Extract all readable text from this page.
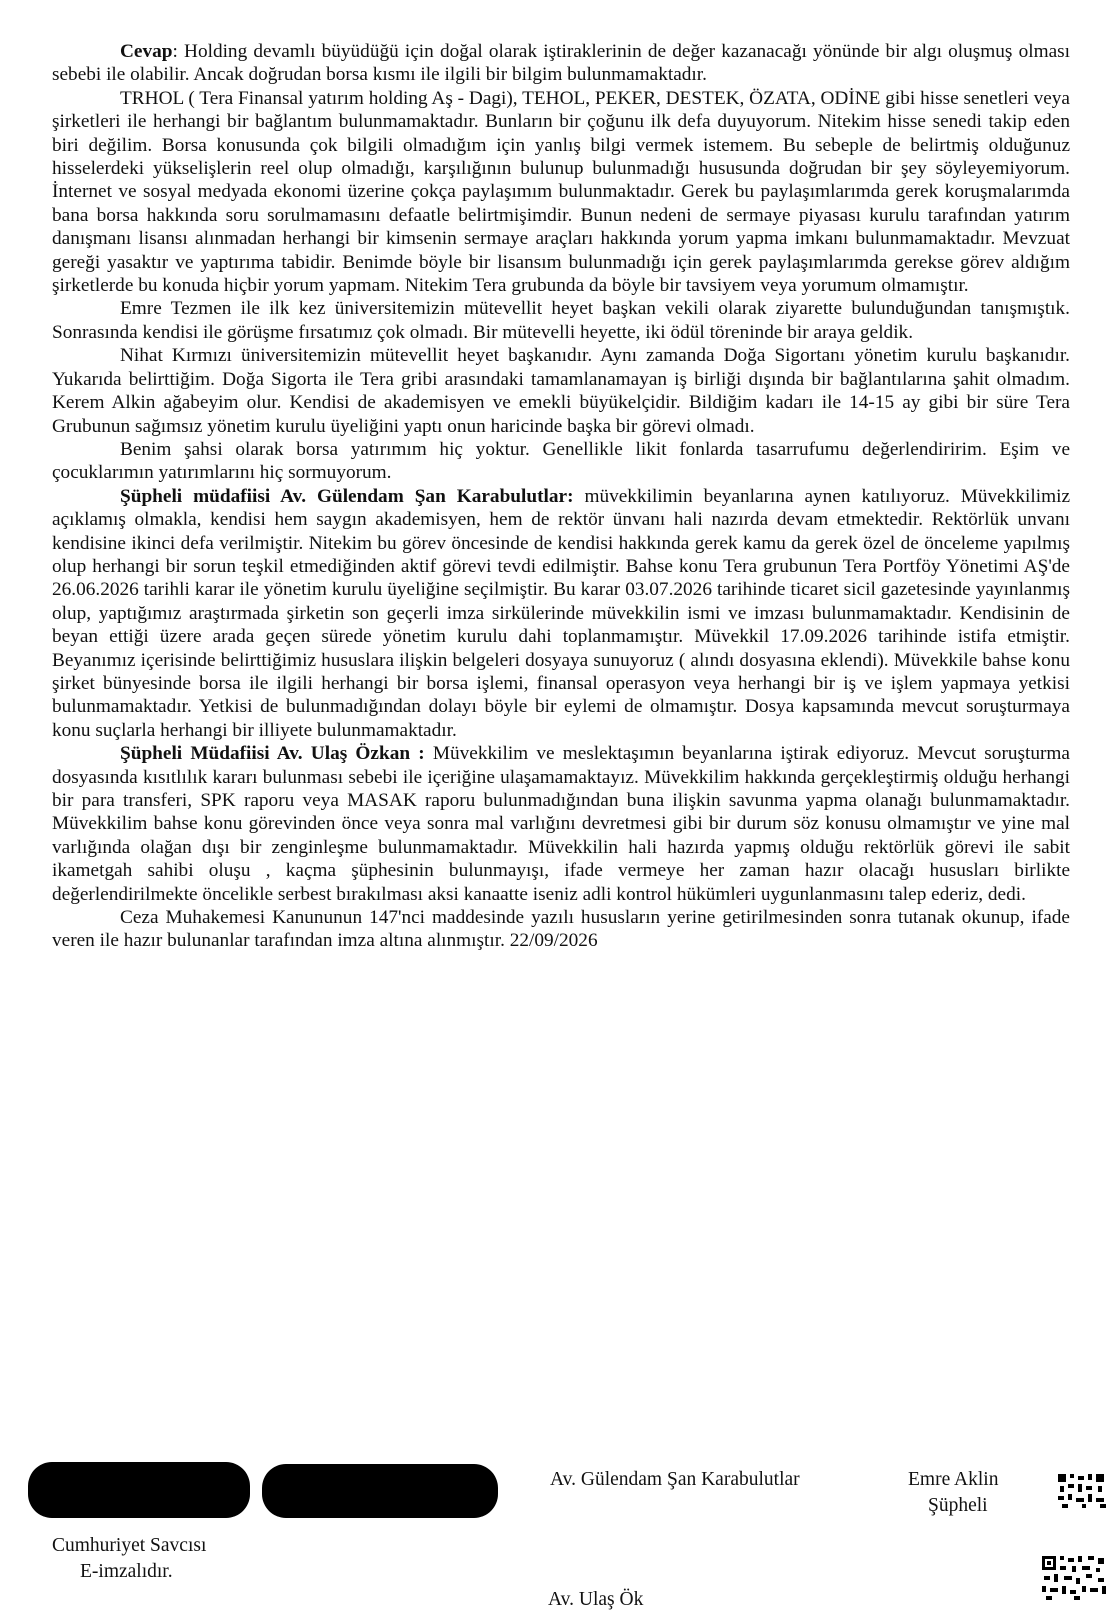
Cevap: Holding devamlı büyüdüğü için doğal olarak iştiraklerinin de değer kazanacağı yönünde bir algı oluşmuş olması sebebi ile olabilir. Ancak doğrudan borsa kısmı ile ilgili bir bilgim bulunmamaktadır.

TRHOL ( Tera Finansal yatırım holding Aş - Dagi), TEHOL, PEKER, DESTEK, ÖZATA, ODİNE gibi hisse senetleri veya şirketleri ile herhangi bir bağlantım bulunmamaktadır. Bunların bir çoğunu ilk defa duyuyorum. Nitekim hisse senedi takip eden biri değilim. Borsa konusunda çok bilgili olmadığım için yanlış bilgi vermek istemem. Bu sebeple de belirtmiş olduğunuz hisselerdeki yükselişlerin reel olup olmadığı, karşılığının bulunup bulunmadığı hususunda doğrudan bir şey söyleyemiyorum. İnternet ve sosyal medyada ekonomi üzerine çokça paylaşımım bulunmaktadır. Gerek bu paylaşımlarımda gerek koruşmalarımda bana borsa hakkında soru sorulmamasını defaatle belirtmişimdir. Bunun nedeni de sermaye piyasası kurulu tarafından yatırım danışmanı lisansı alınmadan herhangi bir kimsenin sermaye araçları hakkında yorum yapma imkanı bulunmamaktadır. Mevzuat gereği yasaktır ve yaptırıma tabidir. Benimde böyle bir lisansım bulunmadığı için gerek paylaşımlarımda gerekse görev aldığım şirketlerde bu konuda hiçbir yorum yapmam. Nitekim Tera grubunda da böyle bir tavsiyem veya yorumum olmamıştır.

Emre Tezmen ile ilk kez üniversitemizin mütevellit heyet başkan vekili olarak ziyarette bulunduğundan tanışmıştık. Sonrasında kendisi ile görüşme fırsatımız çok olmadı. Bir mütevelli heyette, iki ödül töreninde bir araya geldik.

Nihat Kırmızı üniversitemizin mütevellit heyet başkanıdır. Aynı zamanda Doğa Sigortanı yönetim kurulu başkanıdır. Yukarıda belirttiğim. Doğa Sigorta ile Tera gribi arasındaki tamamlanamayan iş birliği dışında bir bağlantılarına şahit olmadım. Kerem Alkin ağabeyim olur. Kendisi de akademisyen ve emekli büyükelçidir. Bildiğim kadarı ile 14-15 ay gibi bir süre Tera Grubunun sağımsız yönetim kurulu üyeliğini yaptı onun haricinde başka bir görevi olmadı.

Benim şahsi olarak borsa yatırımım hiç yoktur. Genellikle likit fonlarda tasarrufumu değerlendiririm. Eşim ve çocuklarımın yatırımlarını hiç sormuyorum.

Şüpheli müdafiisi Av. Gülendam Şan Karabulutlar: müvekkilimin beyanlarına aynen katılıyoruz. Müvekkilimiz açıklamış olmakla, kendisi hem saygın akademisyen, hem de rektör ünvanı hali nazırda devam etmektedir. Rektörlük unvanı kendisine ikinci defa verilmiştir. Nitekim bu görev öncesinde de kendisi hakkında gerek kamu da gerek özel de önceleme yapılmış olup herhangi bir sorun teşkil etmediğinden aktif görevi tevdi edilmiştir. Bahse konu Tera grubunun Tera Portföy Yönetimi AŞ'de 26.06.2026 tarihli karar ile yönetim kurulu üyeliğine seçilmiştir. Bu karar 03.07.2026 tarihinde ticaret sicil gazetesinde yayınlanmış olup, yaptığımız araştırmada şirketin son geçerli imza sirkülerinde müvekkilin ismi ve imzası bulunmamaktadır. Kendisinin de beyan ettiği üzere arada geçen sürede yönetim kurulu dahi toplanmamıştır. Müvekkil 17.09.2026 tarihinde istifa etmiştir. Beyanımız içerisinde belirttiğimiz hususlara ilişkin belgeleri dosyaya sunuyoruz ( alındı dosyasına eklendi). Müvekkile bahse konu şirket bünyesinde borsa ile ilgili herhangi bir borsa işlemi, finansal operasyon veya herhangi bir iş ve işlem yapmaya yetkisi bulunmamaktadır. Yetkisi de bulunmadığından dolayı böyle bir eylemi de olmamıştır. Dosya kapsamında mevcut soruşturmaya konu suçlarla herhangi bir illiyete bulunmamaktadır.

Şüpheli Müdafiisi Av. Ulaş Özkan : Müvekkilim ve meslektaşımın beyanlarına iştirak ediyoruz. Mevcut soruşturma dosyasında kısıtlılık kararı bulunması sebebi ile içeriğine ulaşamamaktayız. Müvekkilim hakkında gerçekleştirmiş olduğu herhangi bir para transferi, SPK raporu veya MASAK raporu bulunmadığından buna ilişkin savunma yapma olanağı bulunmamaktadır. Müvekkilim bahse konu görevinden önce veya sonra mal varlığını devretmesi gibi bir durum söz konusu olmamıştır ve yine mal varlığında olağan dışı bir zenginleşme bulunmamaktadır. Müvekkilin hali hazırda yapmış olduğu rektörlük görevi ile sabit ikametgah sahibi oluşu , kaçma şüphesinin bulunmayışı, ifade vermeye her zaman hazır olacağı hususları birlikte değerlendirilmekte öncelikle serbest bırakılması aksi kanaatte iseniz adli kontrol hükümleri uygunlanmasını talep ederiz, dedi.

Ceza Muhakemesi Kanununun 147'nci maddesinde yazılı hususların yerine getirilmesinden sonra tutanak okunup, ifade veren ile hazır bulunanlar tarafından imza altına alınmıştır. 22/09/2026

Av. Gülendam Şan Karabulutlar	Emre Aklin
Şüpheli
Cumhuriyet Savcısı
E-imzalıdır.
Av. Ulaş Ök
